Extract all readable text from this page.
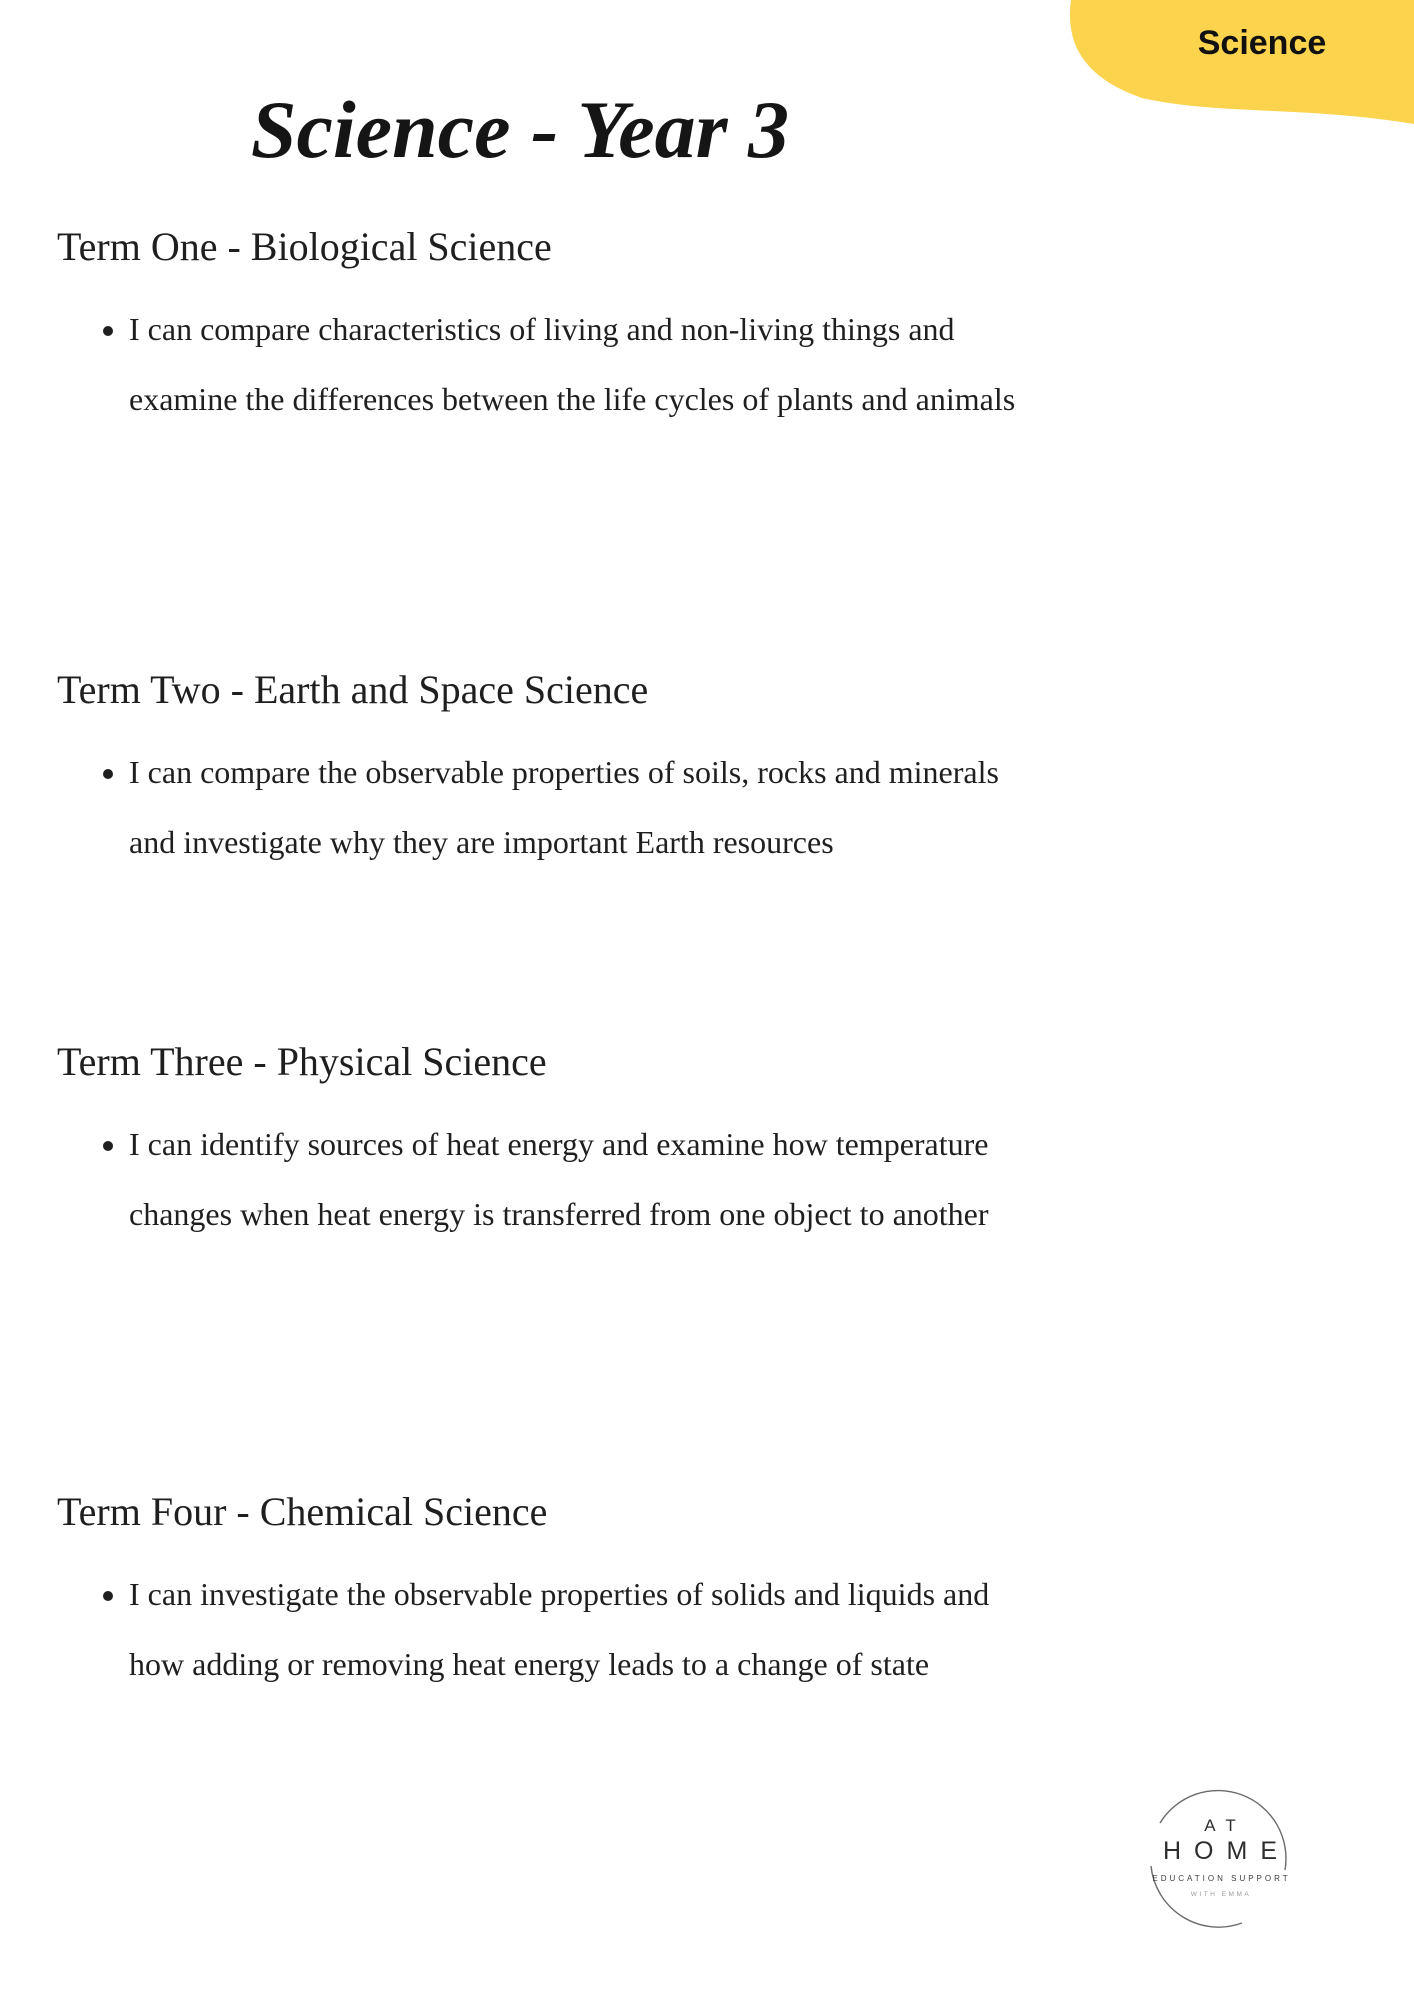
Science
Science - Year 3
Term One - Biological Science
• I can compare characteristics of living and non-living things and examine the differences between the life cycles of plants and animals
Term Two - Earth and Space Science
• I can compare the observable properties of soils, rocks and minerals and investigate why they are important Earth resources
Term Three - Physical Science
• I can identify sources of heat energy and examine how temperature changes when heat energy is transferred from one object to another
Term Four - Chemical Science
• I can investigate the observable properties of solids and liquids and how adding or removing heat energy leads to a change of state
AT
HOME
EDUCATION SUPPORT
WITH EMMA
